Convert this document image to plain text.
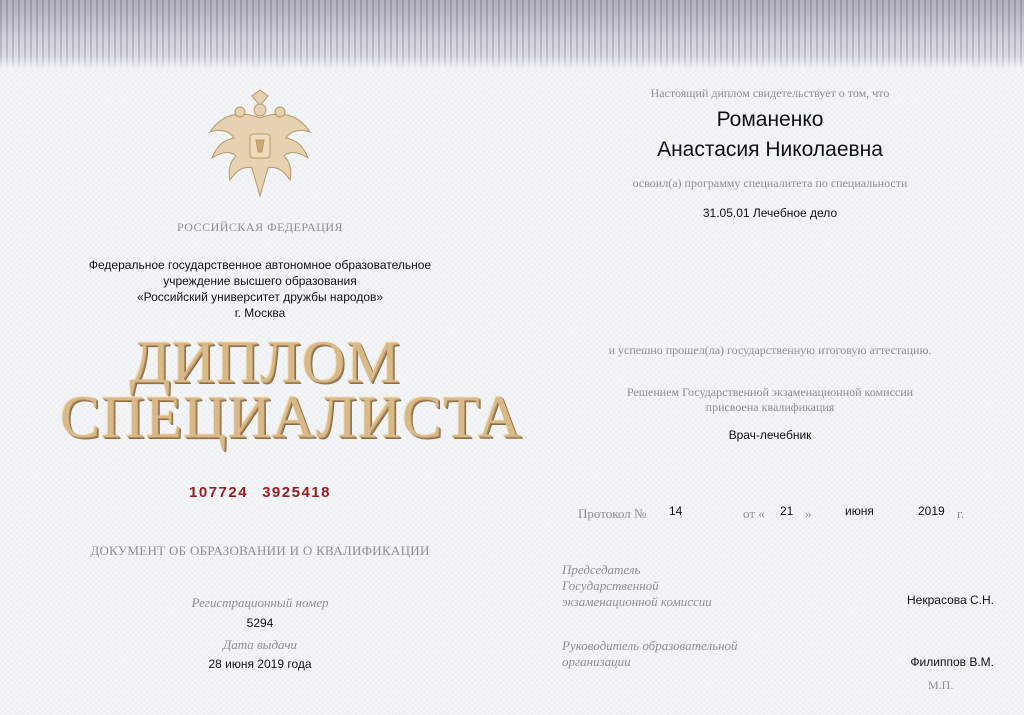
РОССИЙСКАЯ ФЕДЕРАЦИЯ
Федеральное государственное автономное образовательное
учреждение высшего образования
«Российский университет дружбы народов»
г. Москва
ДИПЛОМ
СПЕЦИАЛИСТА
107724 3925418
ДОКУМЕНТ ОБ ОБРАЗОВАНИИ И О КВАЛИФИКАЦИИ
Регистрационный номер
5294
Дата выдачи
28 июня 2019 года
Настоящий диплом свидетельствует о том, что
Романенко
Анастасия Николаевна
освоил(а) программу специалитета по специальности
31.05.01 Лечебное дело
и успешно прошел(ла) государственную итоговую аттестацию.
Решением Государственной экзаменационной комиссии
присвоена квалификация
Врач-лечебник
Протокол № 14	от « 21 »	июня	2019 г.
Председатель
Государственной
экзаменационной комиссии	Некрасова С.Н.
Руководитель образовательной
организации	Филиппов В.М.
М.П.
